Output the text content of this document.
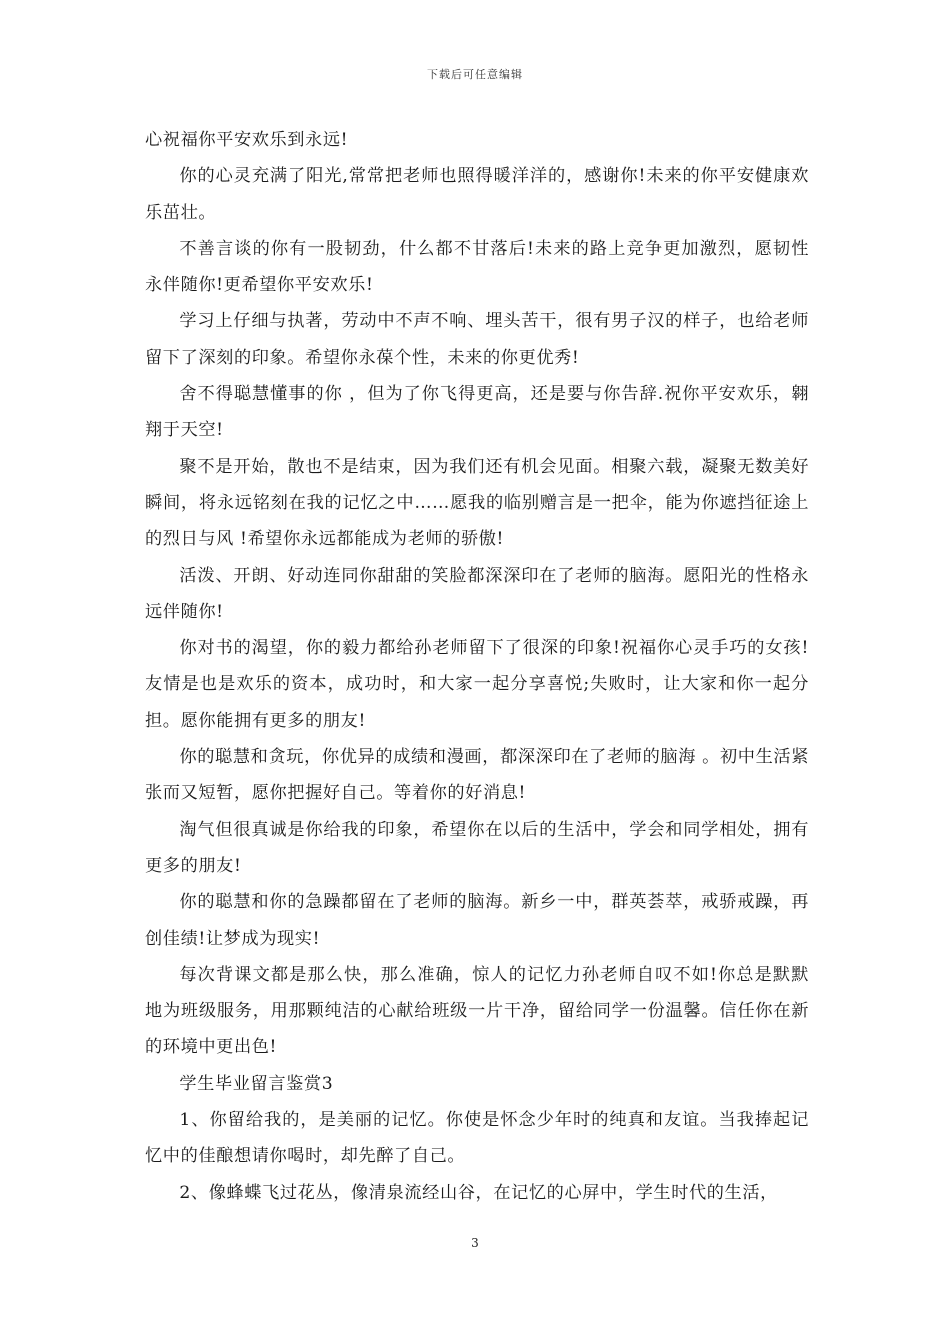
下载后可任意编辑

心祝福你平安欢乐到永远!

你的心灵充满了阳光,常常把老师也照得暖洋洋的，感谢你!未来的你平安健康欢乐茁壮。

不善言谈的你有一股韧劲，什么都不甘落后!未来的路上竞争更加激烈，愿韧性永伴随你!更希望你平安欢乐!

学习上仔细与执著，劳动中不声不响、埋头苦干，很有男子汉的样子，也给老师留下了深刻的印象。希望你永葆个性，未来的你更优秀!

舍不得聪慧懂事的你 ，但为了你飞得更高，还是要与你告辞.祝你平安欢乐，翱翔于天空!

聚不是开始，散也不是结束，因为我们还有机会见面。相聚六载，凝聚无数美好瞬间，将永远铭刻在我的记忆之中……愿我的临别赠言是一把伞，能为你遮挡征途上的烈日与风 !希望你永远都能成为老师的骄傲!

活泼、开朗、好动连同你甜甜的笑脸都深深印在了老师的脑海。愿阳光的性格永远伴随你!

你对书的渴望，你的毅力都给孙老师留下了很深的印象!祝福你心灵手巧的女孩!友情是也是欢乐的资本，成功时，和大家一起分享喜悦;失败时，让大家和你一起分担。愿你能拥有更多的朋友!

你的聪慧和贪玩，你优异的成绩和漫画，都深深印在了老师的脑海 。初中生活紧张而又短暂，愿你把握好自己。等着你的好消息!

淘气但很真诚是你给我的印象，希望你在以后的生活中，学会和同学相处，拥有更多的朋友!

你的聪慧和你的急躁都留在了老师的脑海。新乡一中，群英荟萃，戒骄戒躁，再创佳绩!让梦成为现实!

每次背课文都是那么快，那么准确，惊人的记忆力孙老师自叹不如!你总是默默地为班级服务，用那颗纯洁的心献给班级一片干净，留给同学一份温馨。信任你在新的环境中更出色!

学生毕业留言鉴赏3

1、你留给我的，是美丽的记忆。你使是怀念少年时的纯真和友谊。当我捧起记忆中的佳酿想请你喝时，却先醉了自己。

2、像蜂蝶飞过花丛，像清泉流经山谷，在记忆的心屏中，学生时代的生活，

3
